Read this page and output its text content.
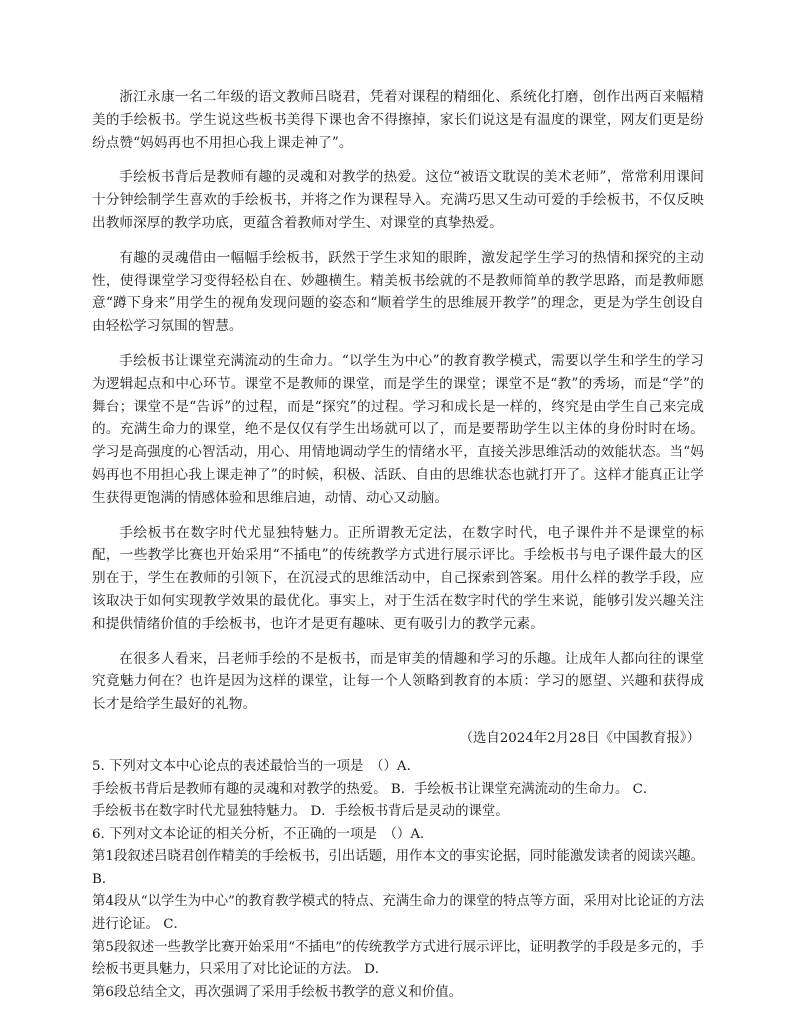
浙江永康一名二年级的语文教师吕晓君，凭着对课程的精细化、系统化打磨，创作出两百来幅精美的手绘板书。学生说这些板书美得下课也舍不得擦掉，家长们说这是有温度的课堂，网友们更是纷纷点赞“妈妈再也不用担心我上课走神了”。

手绘板书背后是教师有趣的灵魂和对教学的热爱。这位“被语文耽误的美术老师”，常常利用课间十分钟绘制学生喜欢的手绘板书，并将之作为课程导入。充满巧思又生动可爱的手绘板书，不仅反映出教师深厚的教学功底，更蕴含着教师对学生、对课堂的真挚热爱。

有趣的灵魂借由一幅幅手绘板书，跃然于学生求知的眼眸，激发起学生学习的热情和探究的主动性，使得课堂学习变得轻松自在、妙趣横生。精美板书绘就的不是教师简单的教学思路，而是教师愿意“蹲下身来”用学生的视角发现问题的姿态和“顺着学生的思维展开教学”的理念，更是为学生创设自由轻松学习氛围的智慧。

手绘板书让课堂充满流动的生命力。“以学生为中心”的教育教学模式，需要以学生和学生的学习为逻辑起点和中心环节。课堂不是教师的课堂，而是学生的课堂；课堂不是“教”的秀场，而是“学”的舞台；课堂不是“告诉”的过程，而是“探究”的过程。学习和成长是一样的，终究是由学生自己来完成的。充满生命力的课堂，绝不是仅仅有学生出场就可以了，而是要帮助学生以主体的身份时时在场。学习是高强度的心智活动，用心、用情地调动学生的情绪水平，直接关涉思维活动的效能状态。当“妈妈再也不用担心我上课走神了”的时候，积极、活跃、自由的思维状态也就打开了。这样才能真正让学生获得更饱满的情感体验和思维启迪，动情、动心又动脑。

手绘板书在数字时代尤显独特魅力。正所谓教无定法，在数字时代，电子课件并不是课堂的标配，一些教学比赛也开始采用“不插电”的传统教学方式进行展示评比。手绘板书与电子课件最大的区别在于，学生在教师的引领下，在沉浸式的思维活动中，自己探索到答案。用什么样的教学手段，应该取决于如何实现教学效果的最优化。事实上，对于生活在数字时代的学生来说，能够引发兴趣关注和提供情绪价值的手绘板书，也许才是更有趣味、更有吸引力的教学元素。

在很多人看来，吕老师手绘的不是板书，而是审美的情趣和学习的乐趣。让成年人都向往的课堂究竟魅力何在？也许是因为这样的课堂，让每一个人领略到教育的本质：学习的愿望、兴趣和获得成长才是给学生最好的礼物。

（选自2024年2月28日《中国教育报》）

5. 下列对文本中心论点的表述最恰当的一项是　（）A．

手绘板书背后是教师有趣的灵魂和对教学的热爱。 B．手绘板书让课堂充满流动的生命力。 C．

手绘板书在数字时代尤显独特魅力。 D．手绘板书背后是灵动的课堂。

6. 下列对文本论证的相关分析，不正确的一项是　（）A．

第1段叙述吕晓君创作精美的手绘板书，引出话题，用作本文的事实论据，同时能激发读者的阅读兴趣。B．

第4段从“以学生为中心”的教育教学模式的特点、充满生命力的课堂的特点等方面，采用对比论证的方法进行论证。 C．

第5段叙述一些教学比赛开始采用“不插电”的传统教学方式进行展示评比，证明教学的手段是多元的，手绘板书更具魅力，只采用了对比论证的方法。 D．

第6段总结全文，再次强调了采用手绘板书教学的意义和价值。
